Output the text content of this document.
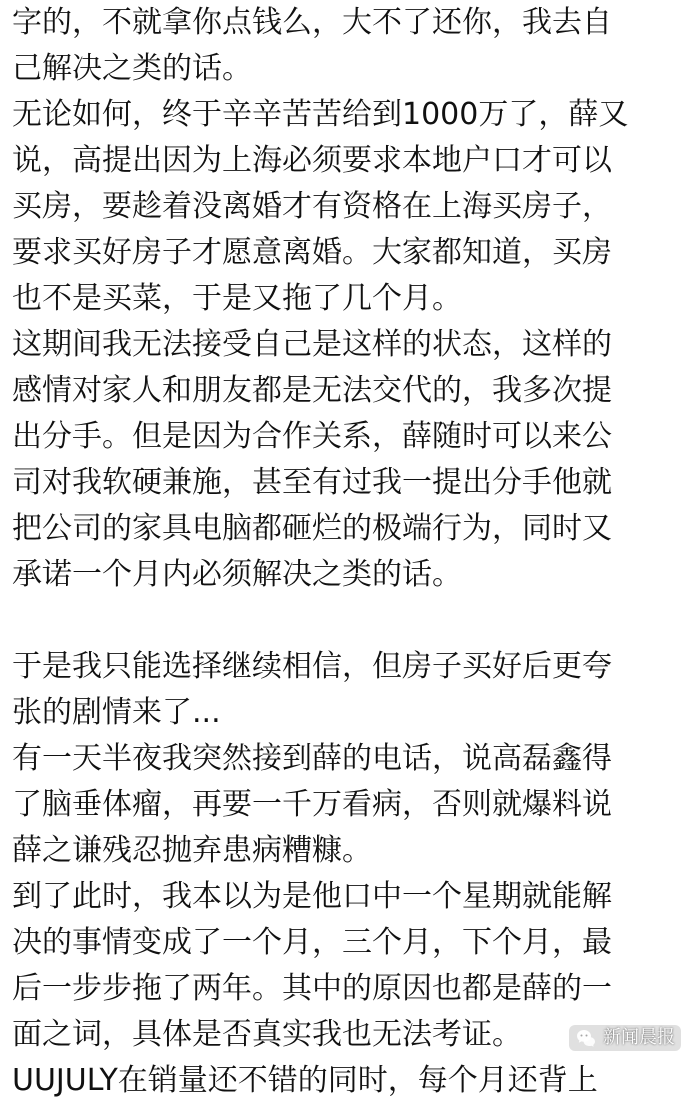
字的，不就拿你点钱么，大不了还你，我去自
己解决之类的话。
无论如何，终于辛辛苦苦给到1000万了，薛又
说，高提出因为上海必须要求本地户口才可以
买房，要趁着没离婚才有资格在上海买房子，
要求买好房子才愿意离婚。大家都知道，买房
也不是买菜，于是又拖了几个月。
这期间我无法接受自己是这样的状态，这样的
感情对家人和朋友都是无法交代的，我多次提
出分手。但是因为合作关系，薛随时可以来公
司对我软硬兼施，甚至有过我一提出分手他就
把公司的家具电脑都砸烂的极端行为，同时又
承诺一个月内必须解决之类的话。
于是我只能选择继续相信，但房子买好后更夸
张的剧情来了...
有一天半夜我突然接到薛的电话，说高磊鑫得
了脑垂体瘤，再要一千万看病，否则就爆料说
薛之谦残忍抛弃患病糟糠。
到了此时，我本以为是他口中一个星期就能解
决的事情变成了一个月，三个月，下个月，最
后一步步拖了两年。其中的原因也都是薛的一
面之词，具体是否真实我也无法考证。
UUJULY在销量还不错的同时，每个月还背上
新闻晨报
